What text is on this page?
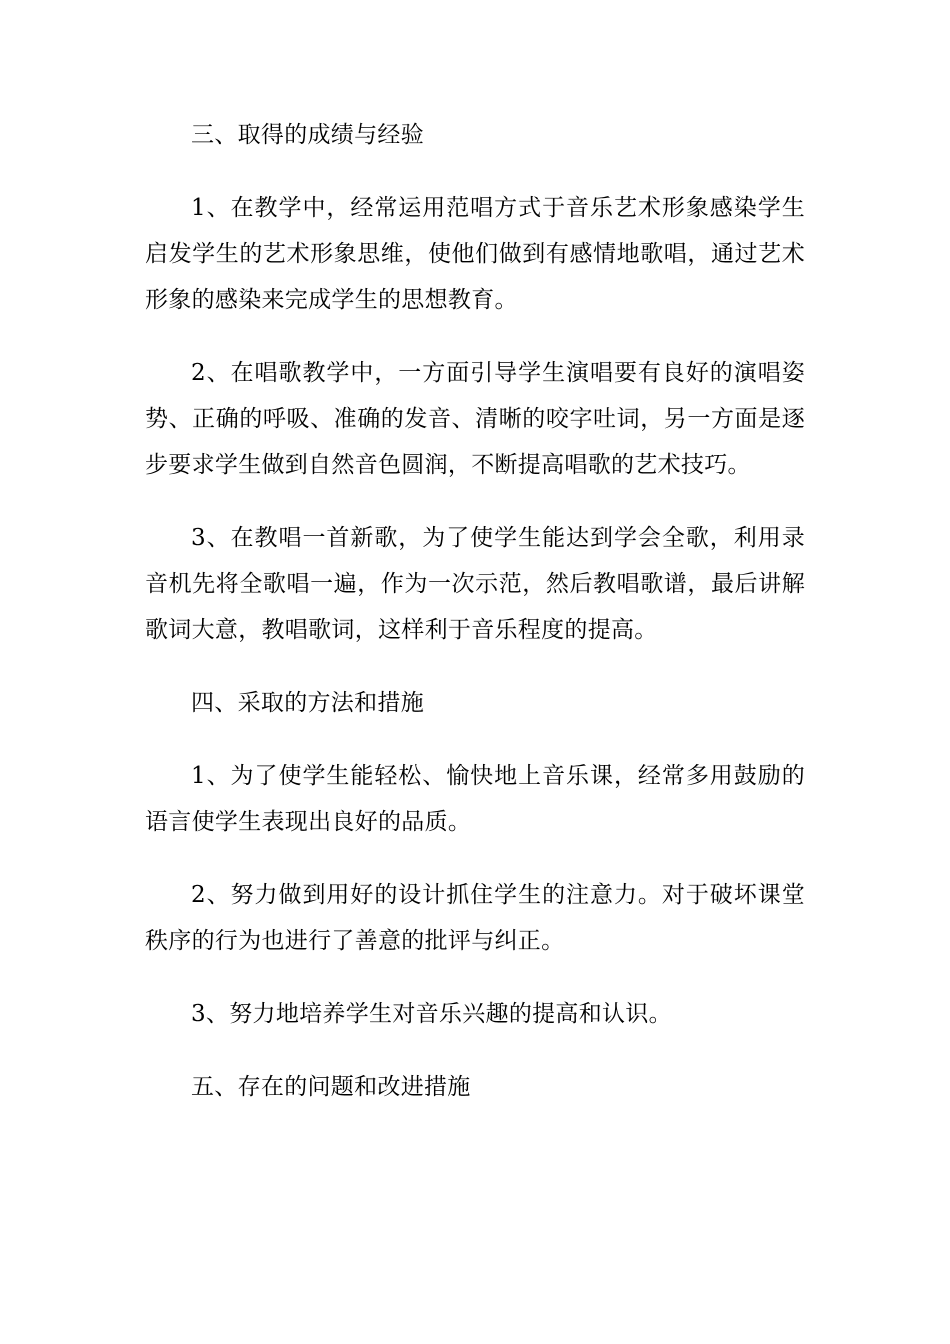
三、取得的成绩与经验

1、在教学中，经常运用范唱方式于音乐艺术形象感染学生启发学生的艺术形象思维，使他们做到有感情地歌唱，通过艺术形象的感染来完成学生的思想教育。

2、在唱歌教学中，一方面引导学生演唱要有良好的演唱姿势、正确的呼吸、准确的发音、清晰的咬字吐词，另一方面是逐步要求学生做到自然音色圆润，不断提高唱歌的艺术技巧。

3、在教唱一首新歌，为了使学生能达到学会全歌，利用录音机先将全歌唱一遍，作为一次示范，然后教唱歌谱，最后讲解歌词大意，教唱歌词，这样利于音乐程度的提高。

四、采取的方法和措施

1、为了使学生能轻松、愉快地上音乐课，经常多用鼓励的语言使学生表现出良好的品质。

2、努力做到用好的设计抓住学生的注意力。对于破坏课堂秩序的行为也进行了善意的批评与纠正。

3、努力地培养学生对音乐兴趣的提高和认识。

五、存在的问题和改进措施
